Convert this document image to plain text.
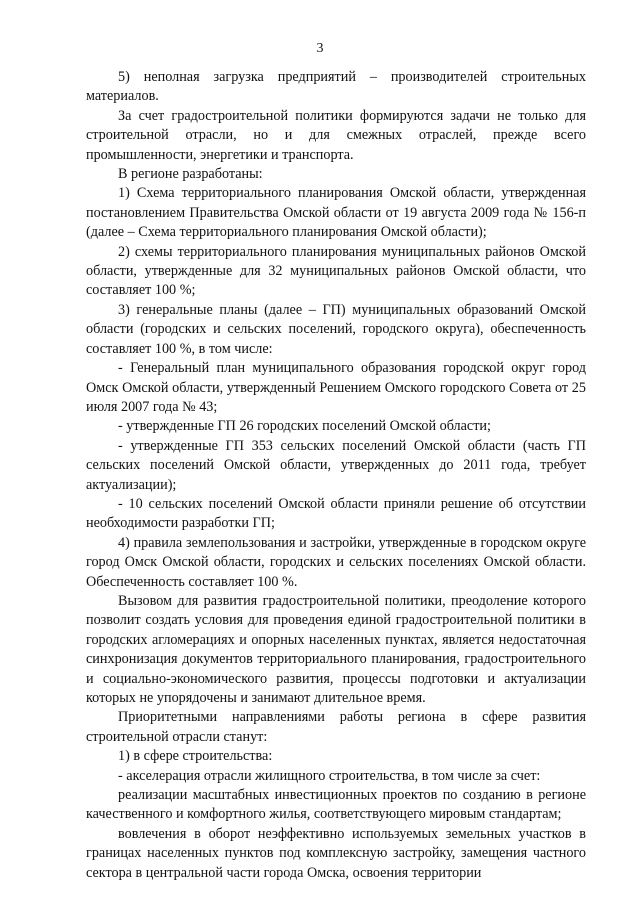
3

5) неполная загрузка предприятий – производителей строительных материалов.

За счет градостроительной политики формируются задачи не только для строительной отрасли, но и для смежных отраслей, прежде всего промышленности, энергетики и транспорта.

В регионе разработаны:

1) Схема территориального планирования Омской области, утвержденная постановлением Правительства Омской области от 19 августа 2009 года № 156-п (далее – Схема территориального планирования Омской области);

2) схемы территориального планирования муниципальных районов Омской области, утвержденные для 32 муниципальных районов Омской области, что составляет 100 %;

3) генеральные планы (далее – ГП) муниципальных образований Омской области (городских и сельских поселений, городского округа), обеспеченность составляет 100 %, в том числе:

- Генеральный план муниципального образования городской округ город Омск Омской области, утвержденный Решением Омского городского Совета от 25 июля 2007 года № 43;

- утвержденные ГП 26 городских поселений Омской области;

- утвержденные ГП 353 сельских поселений Омской области (часть ГП сельских поселений Омской области, утвержденных до 2011 года, требует актуализации);

- 10 сельских поселений Омской области приняли решение об отсутствии необходимости разработки ГП;

4) правила землепользования и застройки, утвержденные в городском округе город Омск Омской области, городских и сельских поселениях Омской области. Обеспеченность составляет 100 %.

Вызовом для развития градостроительной политики, преодоление которого позволит создать условия для проведения единой градостроительной политики в городских агломерациях и опорных населенных пунктах, является недостаточная синхронизация документов территориального планирования, градостроительного и социально-экономического развития, процессы подготовки и актуализации которых не упорядочены и занимают длительное время.

Приоритетными направлениями работы региона в сфере развития строительной отрасли станут:

1) в сфере строительства:

- акселерация отрасли жилищного строительства, в том числе за счет:

реализации масштабных инвестиционных проектов по созданию в регионе качественного и комфортного жилья, соответствующего мировым стандартам;

вовлечения в оборот неэффективно используемых земельных участков в границах населенных пунктов под комплексную застройку, замещения частного сектора в центральной части города Омска, освоения территории
